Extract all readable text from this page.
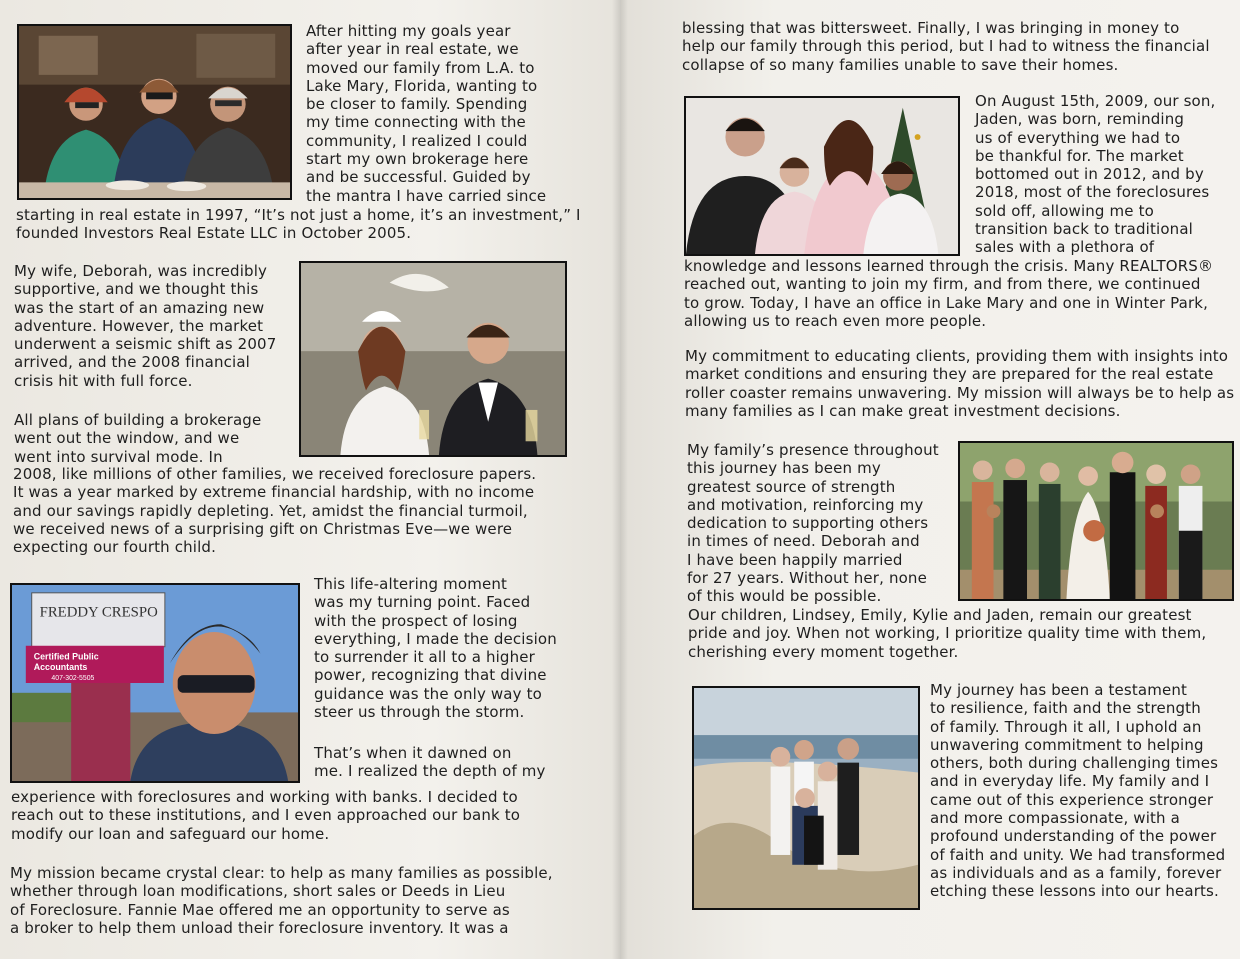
After hitting my goals year
after year in real estate, we
moved our family from L.A. to
Lake Mary, Florida, wanting to
be closer to family. Spending
my time connecting with the
community, I realized I could
start my own brokerage here
and be successful. Guided by
the mantra I have carried since

starting in real estate in 1997, “It’s not just a home, it’s an investment,” I
founded Investors Real Estate LLC in October 2005.

My wife, Deborah, was incredibly
supportive, and we thought this
was the start of an amazing new
adventure. However, the market
underwent a seismic shift as 2007
arrived, and the 2008 financial
crisis hit with full force.

All plans of building a brokerage
went out the window, and we
went into survival mode. In

2008, like millions of other families, we received foreclosure papers.
It was a year marked by extreme financial hardship, with no income
and our savings rapidly depleting. Yet, amidst the financial turmoil,
we received news of a surprising gift on Christmas Eve—we were
expecting our fourth child.

FREDDY CRESPO
Certified Public
Accountants
407-302-5505

This life-altering moment
was my turning point. Faced
with the prospect of losing
everything, I made the decision
to surrender it all to a higher
power, recognizing that divine
guidance was the only way to
steer us through the storm.

That’s when it dawned on
me. I realized the depth of my

experience with foreclosures and working with banks. I decided to
reach out to these institutions, and I even approached our bank to
modify our loan and safeguard our home.

My mission became crystal clear: to help as many families as possible,
whether through loan modifications, short sales or Deeds in Lieu
of Foreclosure. Fannie Mae offered me an opportunity to serve as
a broker to help them unload their foreclosure inventory. It was a

blessing that was bittersweet. Finally, I was bringing in money to
help our family through this period, but I had to witness the financial
collapse of so many families unable to save their homes.

On August 15th, 2009, our son,
Jaden, was born, reminding
us of everything we had to
be thankful for. The market
bottomed out in 2012, and by
2018, most of the foreclosures
sold off, allowing me to
transition back to traditional
sales with a plethora of

knowledge and lessons learned through the crisis. Many REALTORS®
reached out, wanting to join my firm, and from there, we continued
to grow. Today, I have an office in Lake Mary and one in Winter Park,
allowing us to reach even more people.

My commitment to educating clients, providing them with insights into
market conditions and ensuring they are prepared for the real estate
roller coaster remains unwavering. My mission will always be to help as
many families as I can make great investment decisions.

My family’s presence throughout
this journey has been my
greatest source of strength
and motivation, reinforcing my
dedication to supporting others
in times of need. Deborah and
I have been happily married
for 27 years. Without her, none
of this would be possible.

Our children, Lindsey, Emily, Kylie and Jaden, remain our greatest
pride and joy. When not working, I prioritize quality time with them,
cherishing every moment together.

My journey has been a testament
to resilience, faith and the strength
of family. Through it all, I uphold an
unwavering commitment to helping
others, both during challenging times
and in everyday life. My family and I
came out of this experience stronger
and more compassionate, with a
profound understanding of the power
of faith and unity. We had transformed
as individuals and as a family, forever
etching these lessons into our hearts.
